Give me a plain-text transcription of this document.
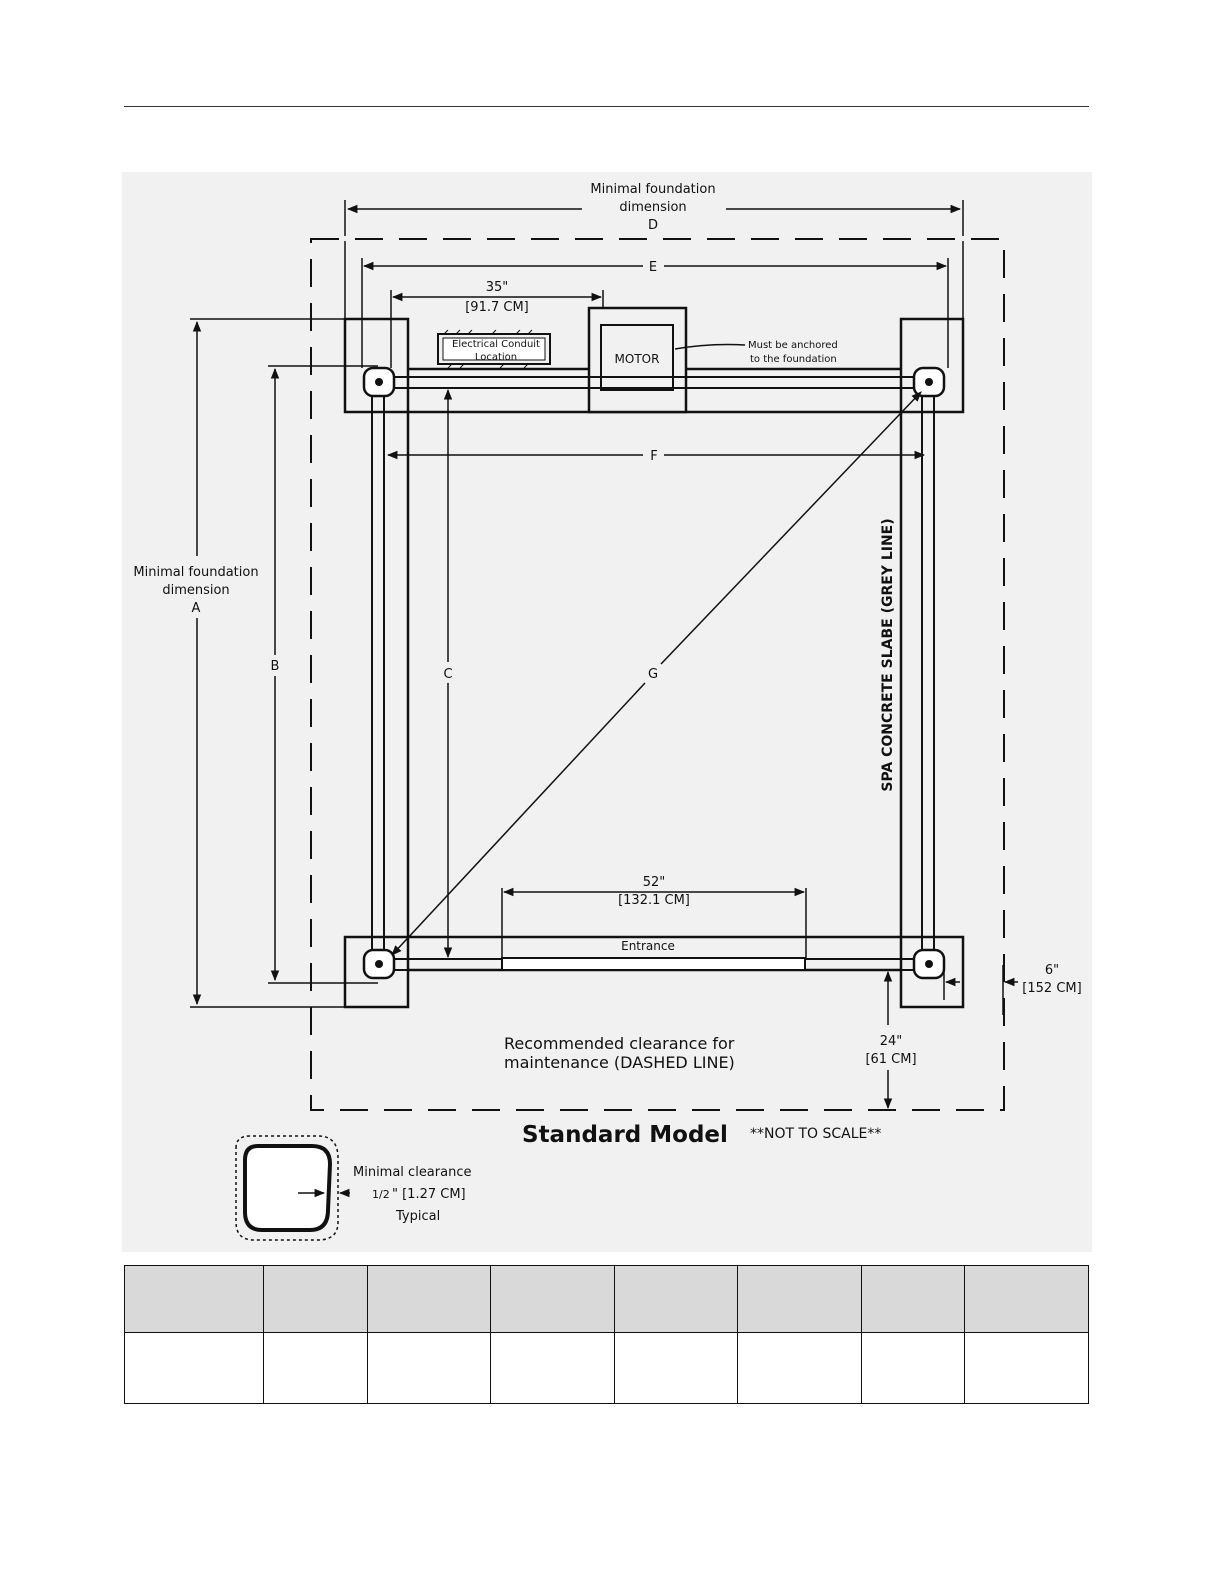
MOTOR
Entrance
Electrical Conduit
Location
Must be anchored
to the foundation
Minimal foundation
dimension
D
E
35"
[91.7 CM]
F
Minimal foundation
dimension
A
B
C	G	SPA CONCRETE SLABE (GREY LINE)
52"
[132.1 CM]
6"
[152 CM]
24"
[61 CM]
Recommended clearance for
maintenance (DASHED LINE)
Standard Model **NOT TO SCALE**
Minimal clearance
1/2 " [1.27 CM]
Typical
